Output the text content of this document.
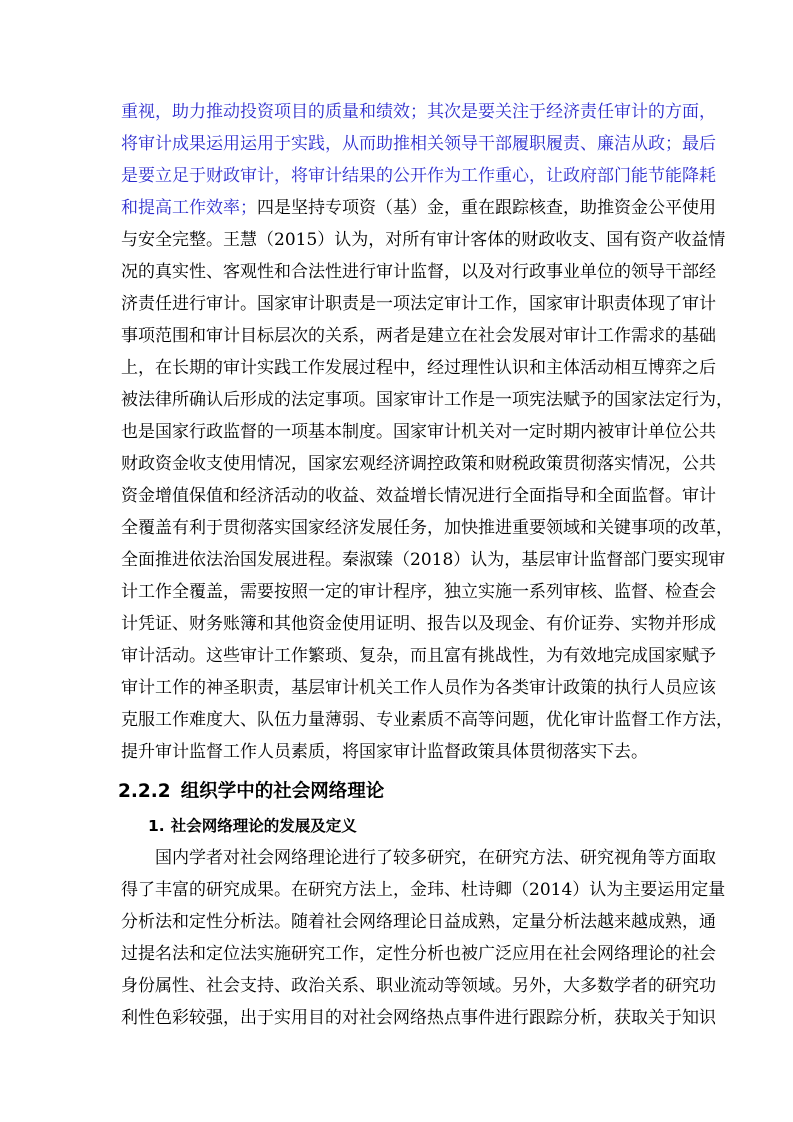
重视，助力推动投资项目的质量和绩效；其次是要关注于经济责任审计的方面，
将审计成果运用运用于实践，从而助推相关领导干部履职履责、廉洁从政；最后
是要立足于财政审计，将审计结果的公开作为工作重心，让政府部门能节能降耗
和提高工作效率；四是坚持专项资（基）金，重在跟踪核查，助推资金公平使用
与安全完整。王慧（2015）认为，对所有审计客体的财政收支、国有资产收益情
况的真实性、客观性和合法性进行审计监督，以及对行政事业单位的领导干部经
济责任进行审计。国家审计职责是一项法定审计工作，国家审计职责体现了审计
事项范围和审计目标层次的关系，两者是建立在社会发展对审计工作需求的基础
上，在长期的审计实践工作发展过程中，经过理性认识和主体活动相互博弈之后
被法律所确认后形成的法定事项。国家审计工作是一项宪法赋予的国家法定行为，
也是国家行政监督的一项基本制度。国家审计机关对一定时期内被审计单位公共
财政资金收支使用情况，国家宏观经济调控政策和财税政策贯彻落实情况，公共
资金增值保值和经济活动的收益、效益增长情况进行全面指导和全面监督。审计
全覆盖有利于贯彻落实国家经济发展任务，加快推进重要领域和关键事项的改革，
全面推进依法治国发展进程。秦淑臻（2018）认为，基层审计监督部门要实现审
计工作全覆盖，需要按照一定的审计程序，独立实施一系列审核、监督、检查会
计凭证、财务账簿和其他资金使用证明、报告以及现金、有价证券、实物并形成
审计活动。这些审计工作繁琐、复杂，而且富有挑战性，为有效地完成国家赋予
审计工作的神圣职责，基层审计机关工作人员作为各类审计政策的执行人员应该
克服工作难度大、队伍力量薄弱、专业素质不高等问题，优化审计监督工作方法，
提升审计监督工作人员素质，将国家审计监督政策具体贯彻落实下去。
2.2.2 组织学中的社会网络理论
1. 社会网络理论的发展及定义
国内学者对社会网络理论进行了较多研究，在研究方法、研究视角等方面取
得了丰富的研究成果。在研究方法上，金玮、杜诗卿（2014）认为主要运用定量
分析法和定性分析法。随着社会网络理论日益成熟，定量分析法越来越成熟，通
过提名法和定位法实施研究工作，定性分析也被广泛应用在社会网络理论的社会
身份属性、社会支持、政治关系、职业流动等领域。另外，大多数学者的研究功
利性色彩较强，出于实用目的对社会网络热点事件进行跟踪分析，获取关于知识
